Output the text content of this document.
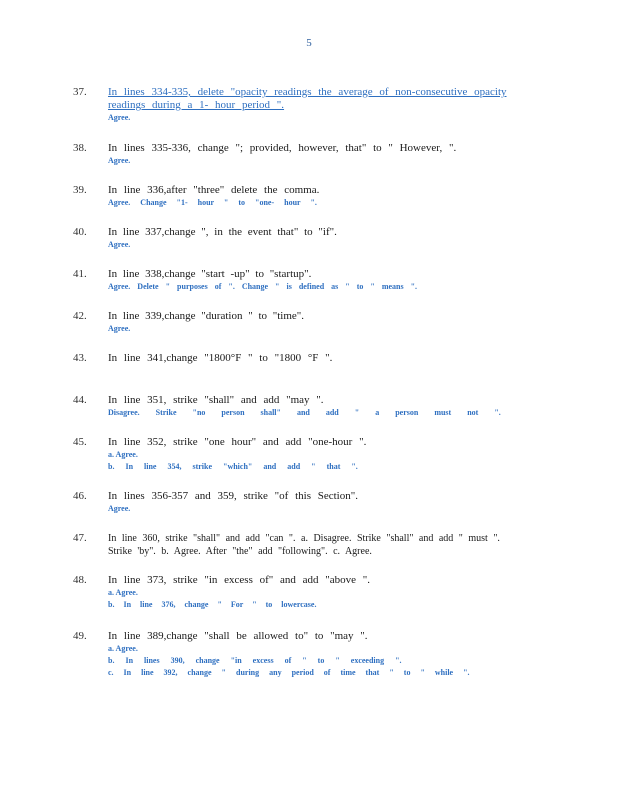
5
37. In lines 334-335, delete "opacity readings the average of non-consecutive opacity
readings during a 1- hour period ".
Agree.
38. In lines 335-336, change "; provided, however, that" to " However, ".
Agree.
39. In line 336,after "three" delete the comma.
Agree. Change "1- hour " to "one- hour ".
40. In line 337,change ", in the event that" to "if".
Agree.
41. In line 338,change "start -up" to "startup".
Agree. Delete " purposes of ". Change " is defined as " to " means ".
42. In line 339,change "duration " to "time".
Agree.
43. In line 341,change "1800°F " to "1800 °F ".
44. In line 351, strike "shall" and add "may ".
Disagree. Strike "no person shall" and add " a person must not ".
45. In line 352, strike "one hour" and add "one-hour ".
a. Agree.
b. In line 354, strike "which" and add " that ".
46. In lines 356-357 and 359, strike "of this Section".
Agree.
47. In line 360, strike "shall" and add "can ". a. Disagree. Strike "shall" and add " must ".
Strike 'by". b. Agree. After "the" add "following". c. Agree.
48. In line 373, strike "in excess of" and add "above ".
a. Agree.
b. In line 376, change " For " to lowercase.
49. In line 389,change "shall be allowed to" to "may ".
a. Agree.
b. In lines 390, change "in excess of " to " exceeding ".
c. In line 392, change " during any period of time that " to " while ".
